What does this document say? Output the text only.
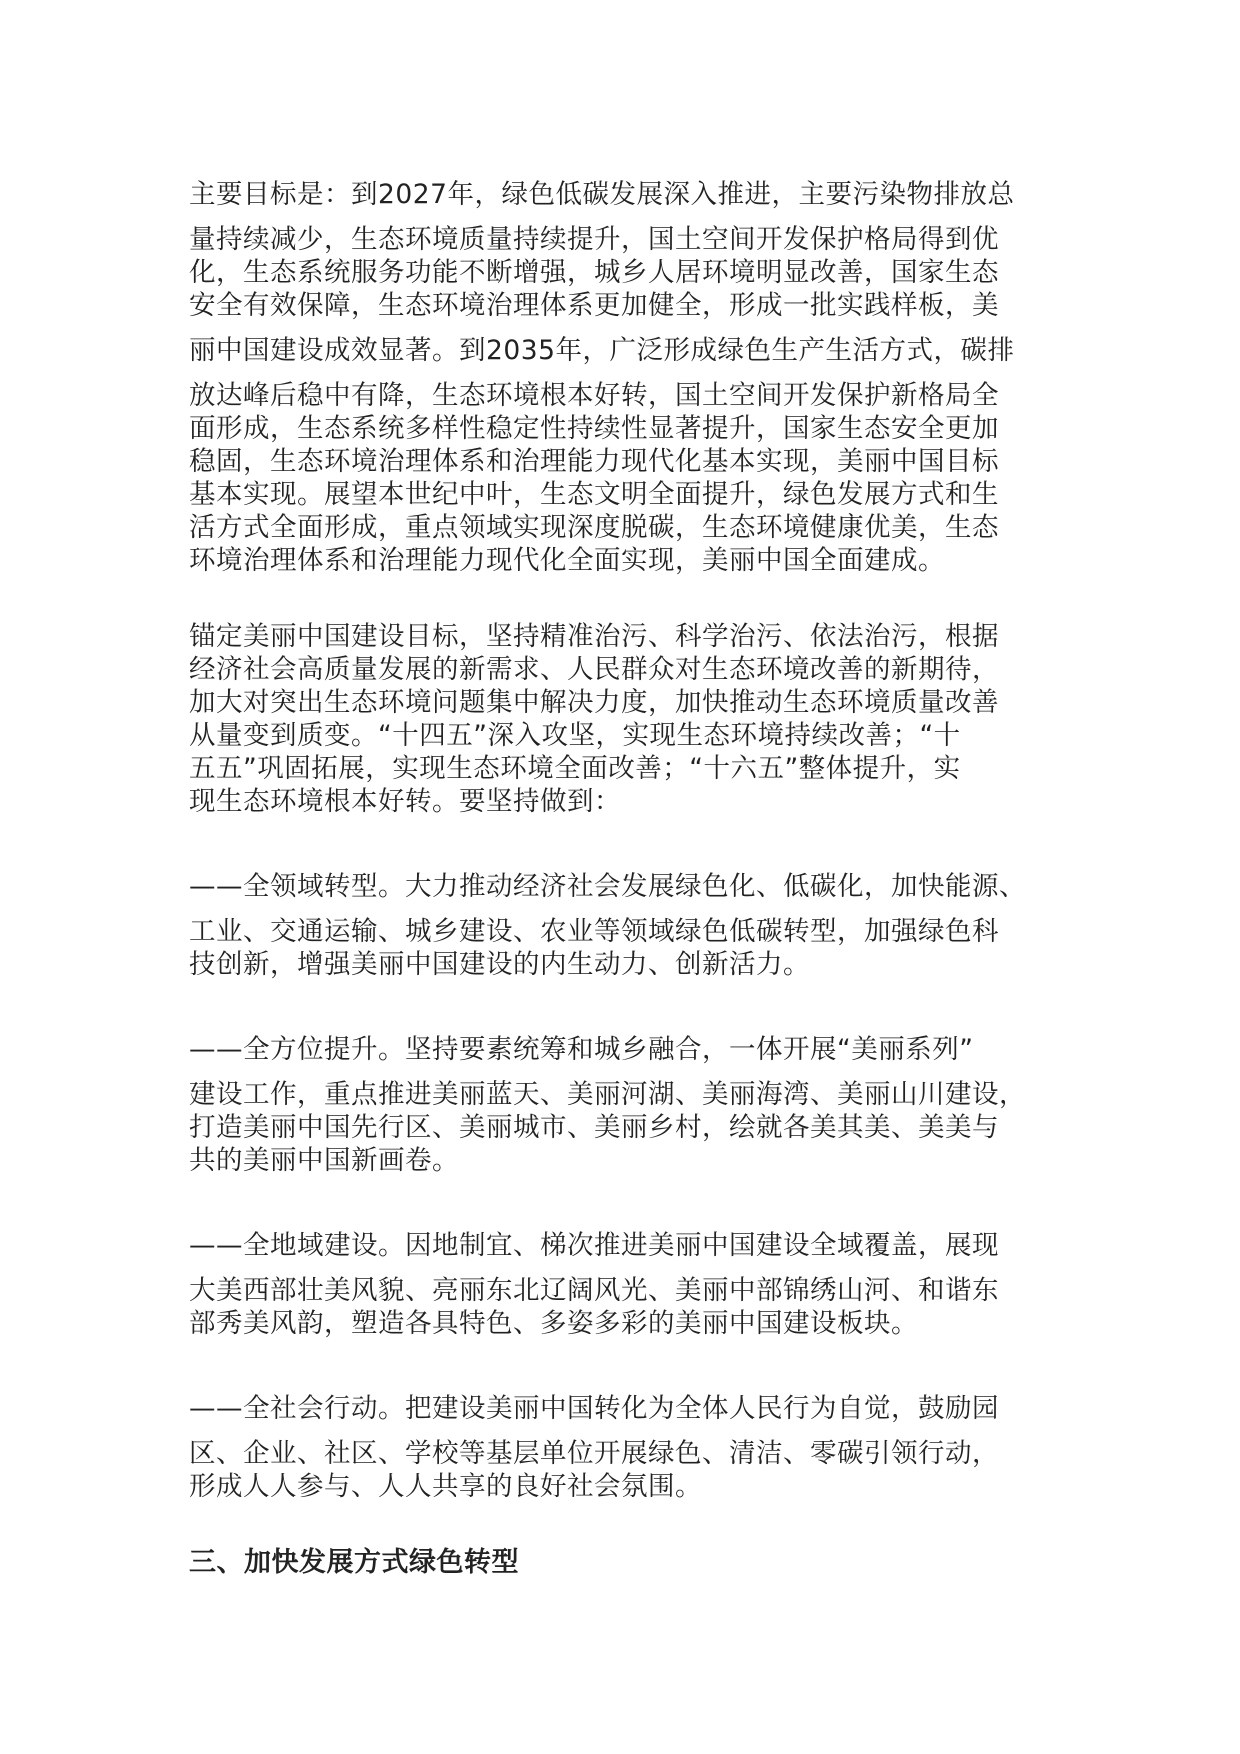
主要目标是：到2027年，绿色低碳发展深入推进，主要污染物排放总
量持续减少，生态环境质量持续提升，国土空间开发保护格局得到优
化，生态系统服务功能不断增强，城乡人居环境明显改善，国家生态
安全有效保障，生态环境治理体系更加健全，形成一批实践样板，美
丽中国建设成效显著。到2035年，广泛形成绿色生产生活方式，碳排
放达峰后稳中有降，生态环境根本好转，国土空间开发保护新格局全
面形成，生态系统多样性稳定性持续性显著提升，国家生态安全更加
稳固，生态环境治理体系和治理能力现代化基本实现，美丽中国目标
基本实现。展望本世纪中叶，生态文明全面提升，绿色发展方式和生
活方式全面形成，重点领域实现深度脱碳，生态环境健康优美，生态
环境治理体系和治理能力现代化全面实现，美丽中国全面建成。
锚定美丽中国建设目标，坚持精准治污、科学治污、依法治污，根据
经济社会高质量发展的新需求、人民群众对生态环境改善的新期待，
加大对突出生态环境问题集中解决力度，加快推动生态环境质量改善
从量变到质变。“十四五”深入攻坚，实现生态环境持续改善；“十
五五”巩固拓展，实现生态环境全面改善；“十六五”整体提升，实
现生态环境根本好转。要坚持做到：
——全领域转型。大力推动经济社会发展绿色化、低碳化，加快能源、
工业、交通运输、城乡建设、农业等领域绿色低碳转型，加强绿色科
技创新，增强美丽中国建设的内生动力、创新活力。
——全方位提升。坚持要素统筹和城乡融合，一体开展“美丽系列”
建设工作，重点推进美丽蓝天、美丽河湖、美丽海湾、美丽山川建设，
打造美丽中国先行区、美丽城市、美丽乡村，绘就各美其美、美美与
共的美丽中国新画卷。
——全地域建设。因地制宜、梯次推进美丽中国建设全域覆盖，展现
大美西部壮美风貌、亮丽东北辽阔风光、美丽中部锦绣山河、和谐东
部秀美风韵，塑造各具特色、多姿多彩的美丽中国建设板块。
——全社会行动。把建设美丽中国转化为全体人民行为自觉，鼓励园
区、企业、社区、学校等基层单位开展绿色、清洁、零碳引领行动，
形成人人参与、人人共享的良好社会氛围。
三、加快发展方式绿色转型
